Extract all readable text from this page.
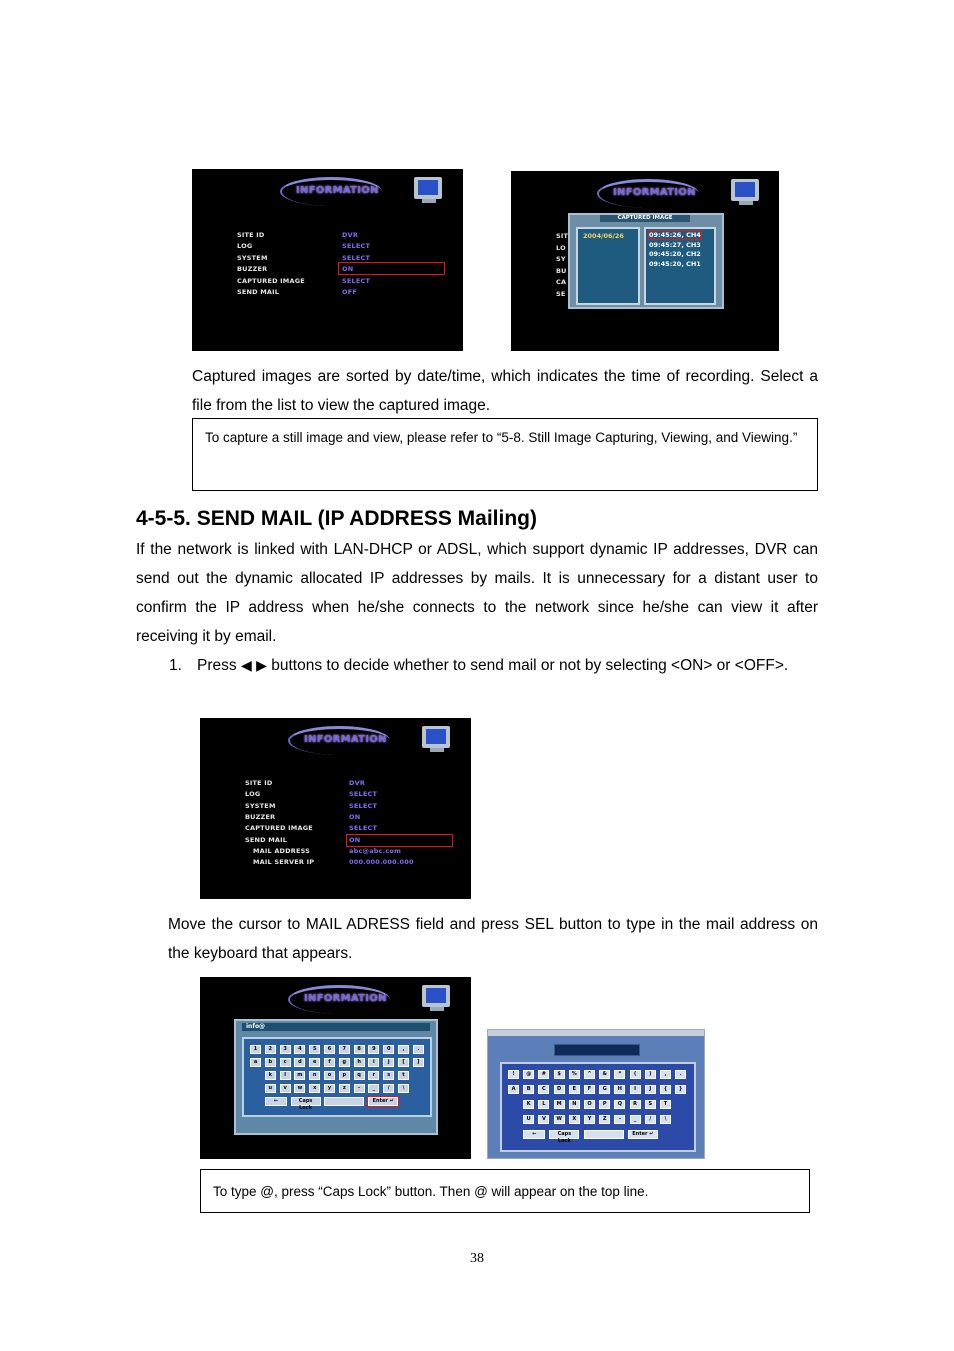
INFORMATION
SITE ID	DVR
LOG	SELECT
SYSTEM	SELECT
BUZZER	ON
CAPTURED IMAGE	SELECT
SEND MAIL	OFF
INFORMATION
SIT
LO
SY
BU
CA
SE
CAPTURED IMAGE
2004/06/26	09:45:26, CH4
09:45:27, CH3
09:45:20, CH2
09:45:20, CH1
Captured images are sorted by date/time, which indicates the time of recording. Select a file from the list to view the captured image.
To capture a still image and view, please refer to “5-8. Still Image Capturing, Viewing, and Viewing.”
4-5-5. SEND MAIL (IP ADDRESS Mailing)
If the network is linked with LAN-DHCP or ADSL, which support dynamic IP addresses, DVR can send out the dynamic allocated IP addresses by mails. It is unnecessary for a distant user to confirm the IP address when he/she connects to the network since he/she can view it after receiving it by email.
1. Press ◀ ▶ buttons to decide whether to send mail or not by selecting <ON> or <OFF>.
INFORMATION
SITE ID	DVR
LOG	SELECT
SYSTEM	SELECT
BUZZER	ON
CAPTURED IMAGE	SELECT
SEND MAIL	ON
MAIL ADDRESS	abc@abc.com
MAIL SERVER IP	000.000.000.000
Move the cursor to MAIL ADRESS field and press SEL button to type in the mail address on the keyboard that appears.
INFORMATION
info@
1	2	3	4	5	6	7	8	9	0	,	.
a	b	c	d	e	f	g	h	i	j	[	]
k	l	m	n	o	p	q	r	s	t
u	v	w	x	y	z	-	_	/	\
←	Caps Lock
Enter ↵
!	@	#	$	%	^	&	*	(	)	,	.
A	B	C	D	E	F	G	H	I	J	{	}
K	L	M	N	O	P	Q	R	S	T
U	V	W	X	Y	Z	-	_	/	\
←	Caps Lock
Enter ↵
To type @, press “Caps Lock” button. Then @ will appear on the top line.
38
